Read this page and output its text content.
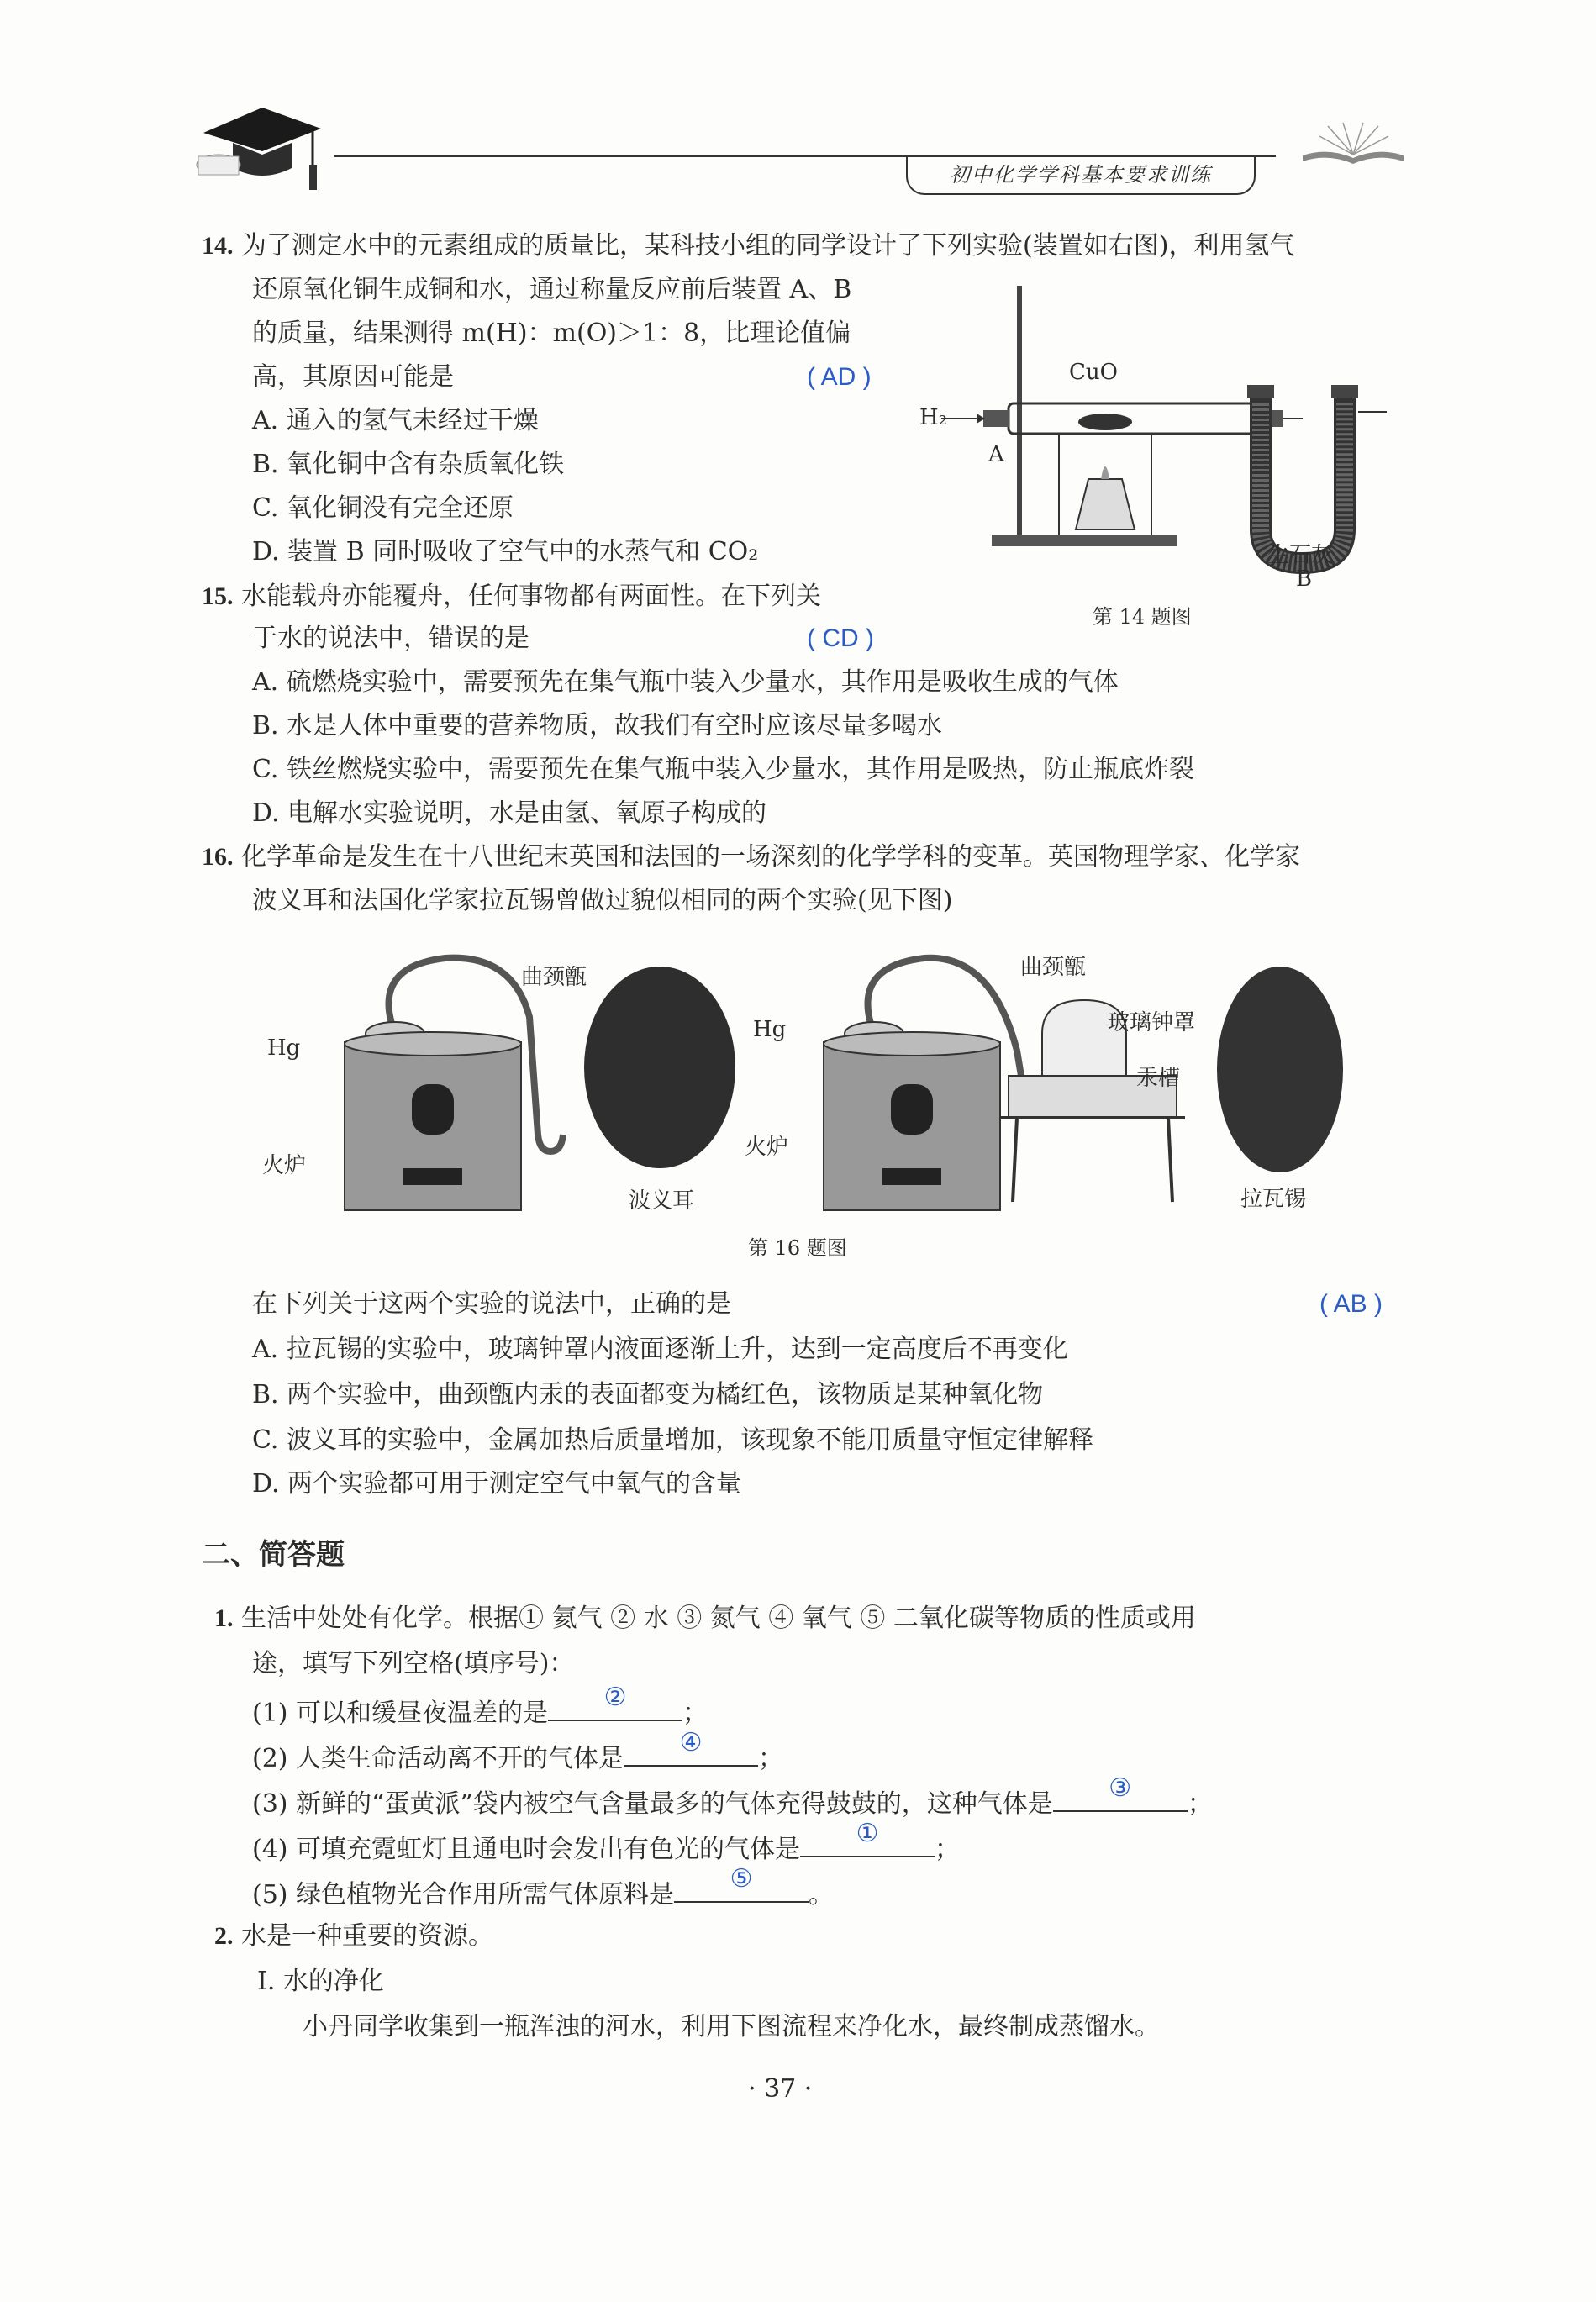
初中化学学科基本要求训练
14. 为了测定水中的元素组成的质量比，某科技小组的同学设计了下列实验(装置如右图)，利用氢气
还原氧化铜生成铜和水，通过称量反应前后装置 A、B
的质量，结果测得 m(H)：m(O)＞1：8，比理论值偏
高，其原因可能是	( AD )
A. 通入的氢气未经过干燥
B. 氧化铜中含有杂质氧化铁
C. 氧化铜没有完全还原
D. 装置 B 同时吸收了空气中的水蒸气和 CO₂
CuO
H₂
A
生石灰
B
第 14 题图
15. 水能载舟亦能覆舟，任何事物都有两面性。在下列关
于水的说法中，错误的是	( CD )
A. 硫燃烧实验中，需要预先在集气瓶中装入少量水，其作用是吸收生成的气体
B. 水是人体中重要的营养物质，故我们有空时应该尽量多喝水
C. 铁丝燃烧实验中，需要预先在集气瓶中装入少量水，其作用是吸热，防止瓶底炸裂
D. 电解水实验说明，水是由氢、氧原子构成的
16. 化学革命是发生在十八世纪末英国和法国的一场深刻的化学学科的变革。英国物理学家、化学家
波义耳和法国化学家拉瓦锡曾做过貌似相同的两个实验(见下图)
曲颈甑
Hg
火炉
波义耳
曲颈甑
玻璃钟罩
Hg
汞槽
火炉
拉瓦锡
第 16 题图
在下列关于这两个实验的说法中，正确的是	( AB )
A. 拉瓦锡的实验中，玻璃钟罩内液面逐渐上升，达到一定高度后不再变化
B. 两个实验中，曲颈甑内汞的表面都变为橘红色，该物质是某种氧化物
C. 波义耳的实验中，金属加热后质量增加，该现象不能用质量守恒定律解释
D. 两个实验都可用于测定空气中氧气的含量
二、简答题
1. 生活中处处有化学。根据① 氦气 ② 水 ③ 氮气 ④ 氧气 ⑤ 二氧化碳等物质的性质或用
途，填写下列空格(填序号)：
(1) 可以和缓昼夜温差的是
②
；
(2) 人类生命活动离不开的气体是
④
；
(3) 新鲜的“蛋黄派”袋内被空气含量最多的气体充得鼓鼓的，这种气体是
③
；
(4) 可填充霓虹灯且通电时会发出有色光的气体是
①
；
(5) 绿色植物光合作用所需气体原料是
⑤
。
2. 水是一种重要的资源。
Ⅰ. 水的净化
小丹同学收集到一瓶浑浊的河水，利用下图流程来净化水，最终制成蒸馏水。
· 37 ·
